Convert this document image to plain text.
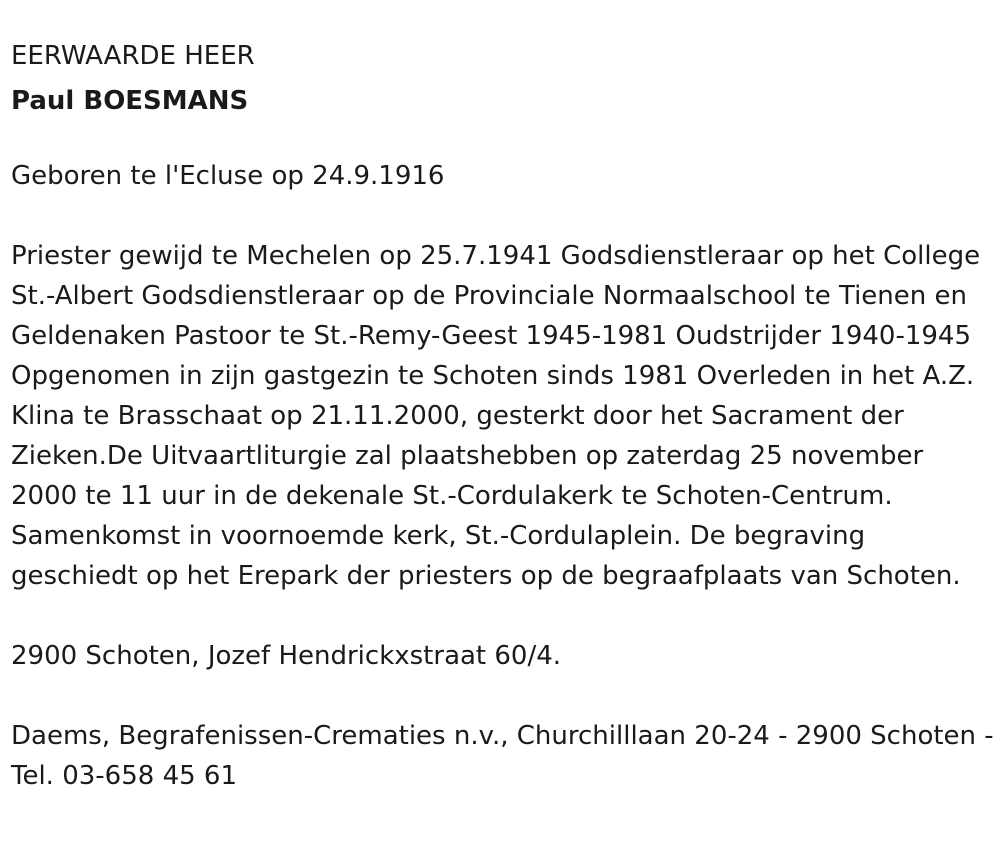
EERWAARDE HEER

Paul BOESMANS

Geboren te l'Ecluse op 24.9.1916

Priester gewijd te Mechelen op 25.7.1941 Godsdienstleraar op het College St.-Albert Godsdienstleraar op de Provinciale Normaalschool te Tienen en Geldenaken Pastoor te St.-Remy-Geest 1945-1981 Oudstrijder 1940-1945 Opgenomen in zijn gastgezin te Schoten sinds 1981 Overleden in het A.Z. Klina te Brasschaat op 21.11.2000, gesterkt door het Sacrament der Zieken.De Uitvaartliturgie zal plaatshebben op zaterdag 25 november 2000 te 11 uur in de dekenale St.-Cordulakerk te Schoten-Centrum. Samenkomst in voornoemde kerk, St.-Cordulaplein. De begraving geschiedt op het Erepark der priesters op de begraafplaats van Schoten.

2900 Schoten, Jozef Hendrickxstraat 60/4.

Daems, Begrafenissen-Crematies n.v., Churchilllaan 20-24 - 2900 Schoten - Tel. 03-658 45 61
